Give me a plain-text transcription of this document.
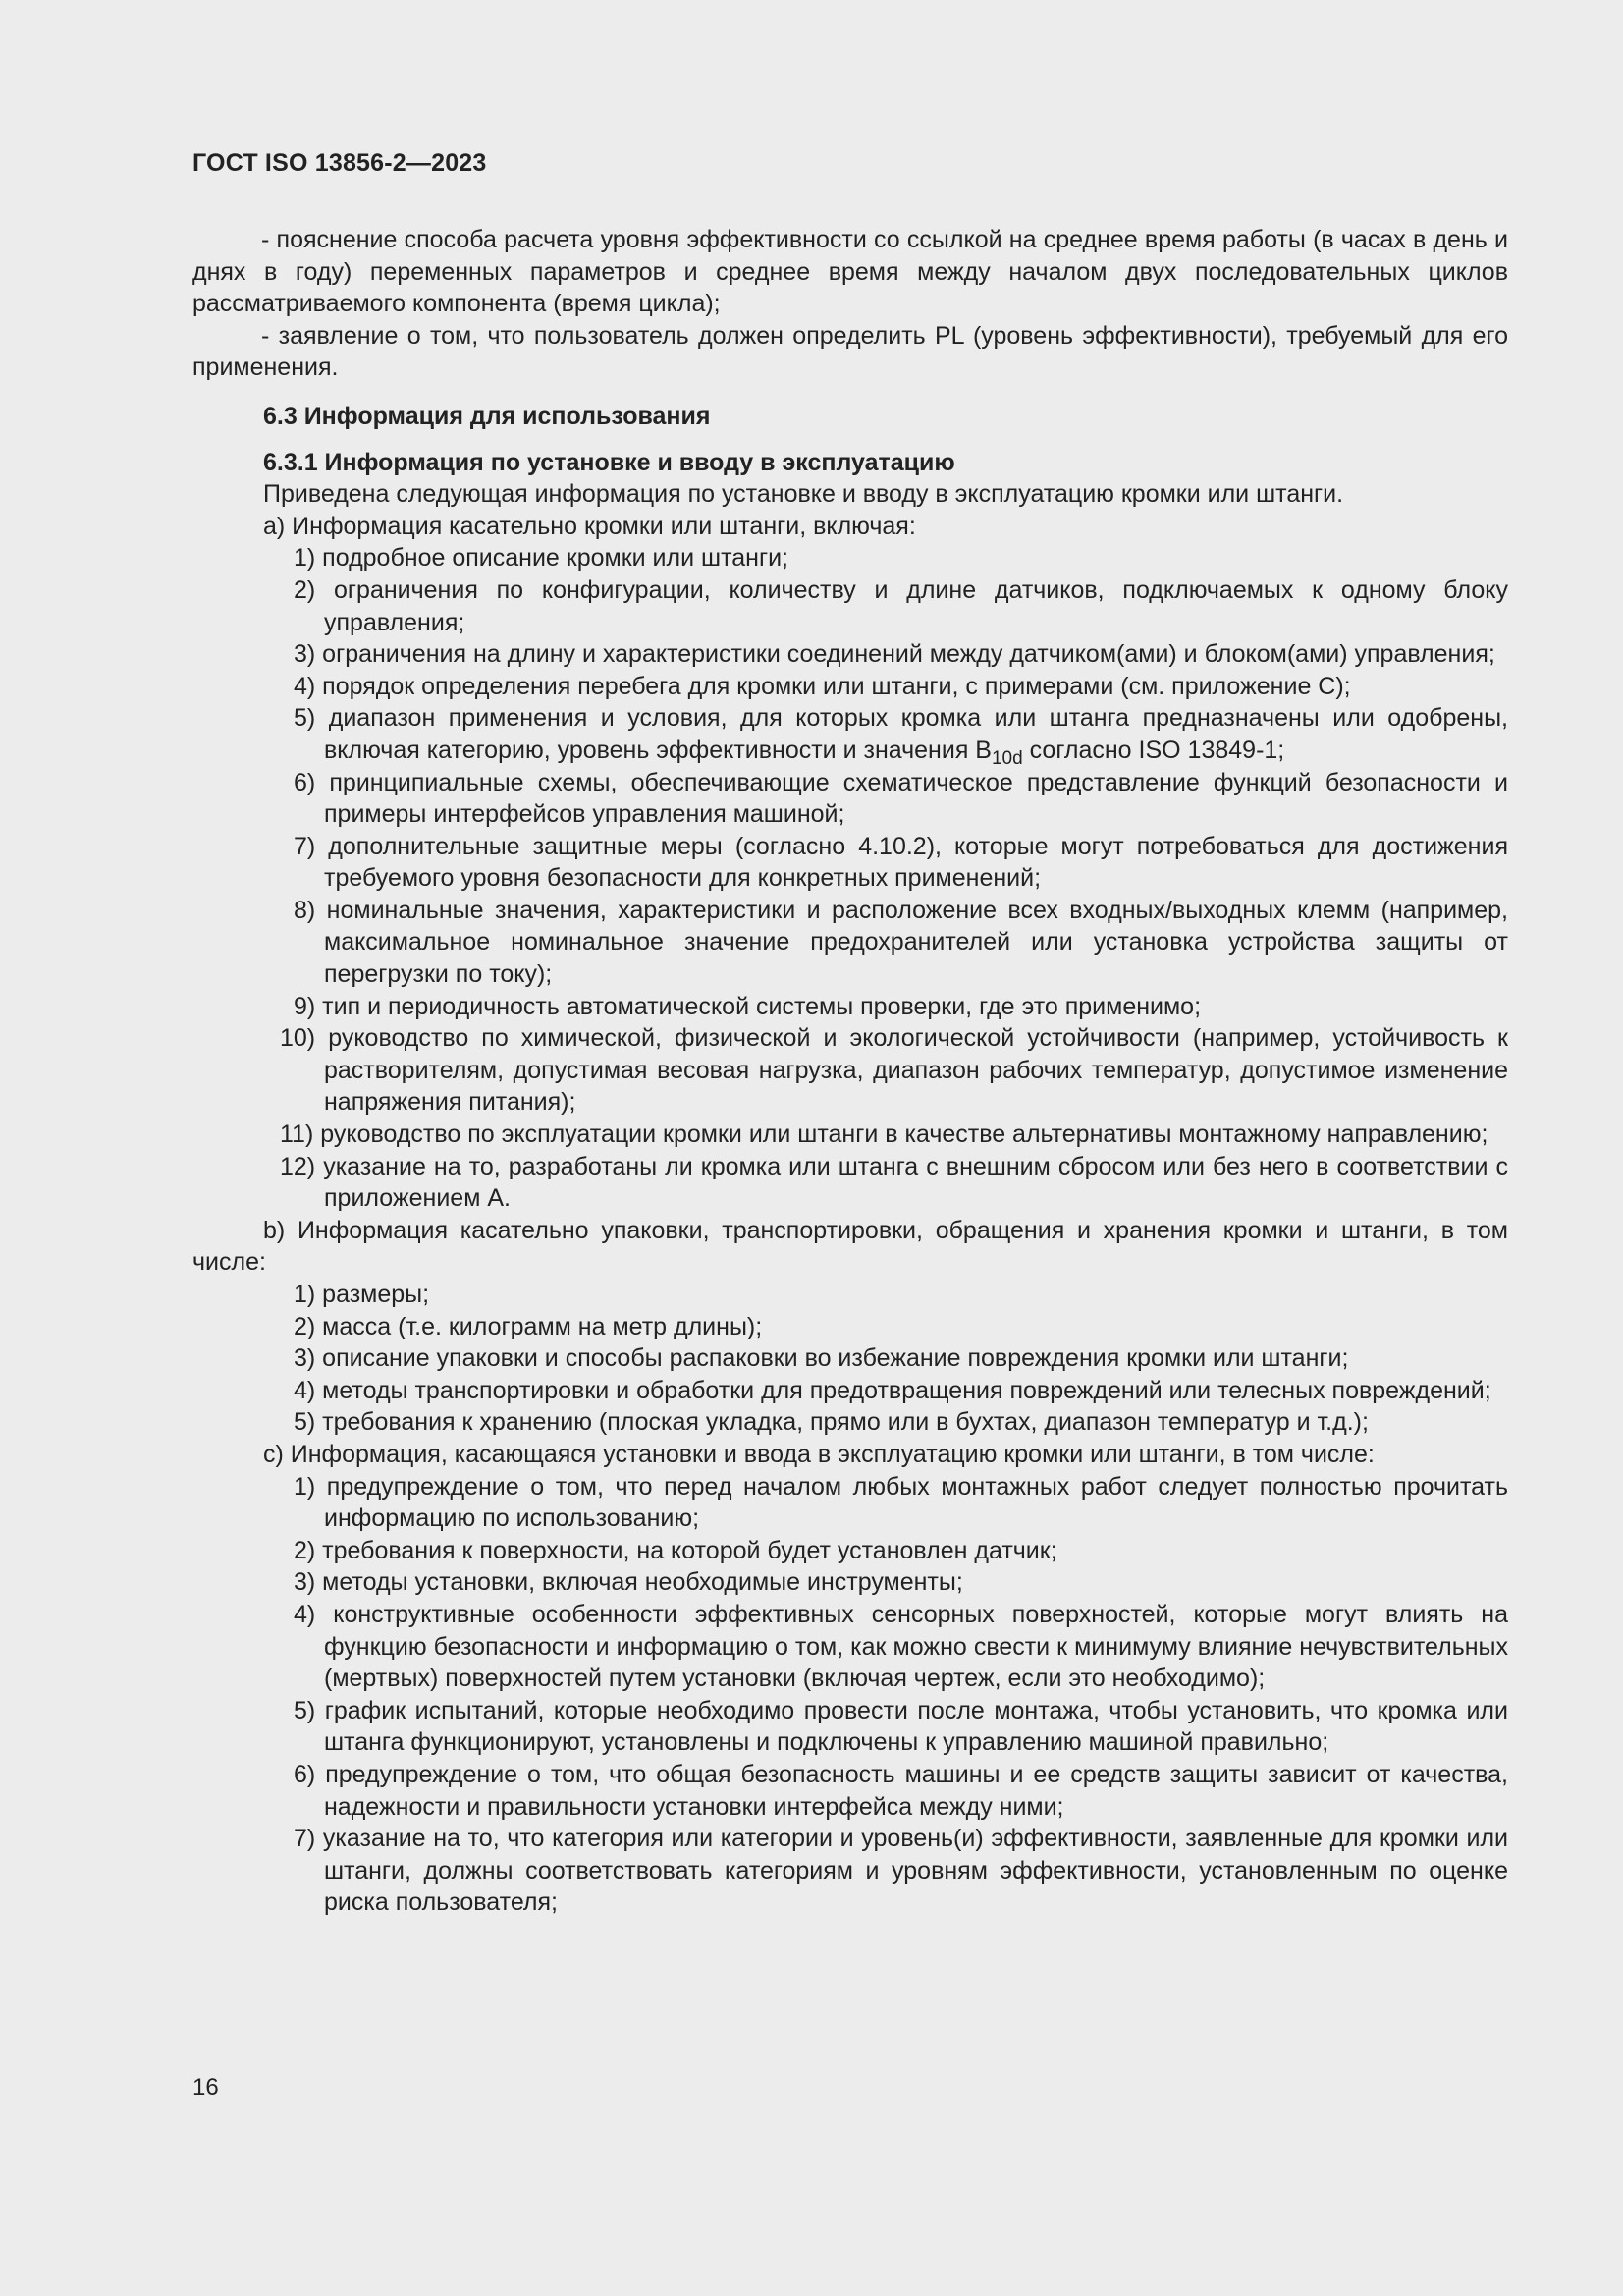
ГОСТ ISO 13856-2—2023

- пояснение способа расчета уровня эффективности со ссылкой на среднее время работы (в часах в день и днях в году) переменных параметров и среднее время между началом двух последовательных циклов рассматриваемого компонента (время цикла);

- заявление о том, что пользователь должен определить PL (уровень эффективности), требуемый для его применения.

6.3 Информация для использования

6.3.1 Информация по установке и вводу в эксплуатацию

Приведена следующая информация по установке и вводу в эксплуатацию кромки или штанги.

a) Информация касательно кромки или штанги, включая:

1) подробное описание кромки или штанги;
2) ограничения по конфигурации, количеству и длине датчиков, подключаемых к одному блоку управления;
3) ограничения на длину и характеристики соединений между датчиком(ами) и блоком(ами) управления;
4) порядок определения перебега для кромки или штанги, с примерами (см. приложение С);
5) диапазон применения и условия, для которых кромка или штанга предназначены или одобрены, включая категорию, уровень эффективности и значения $B_{10d}$ согласно ISO 13849-1;
6) принципиальные схемы, обеспечивающие схематическое представление функций безопасности и примеры интерфейсов управления машиной;
7) дополнительные защитные меры (согласно 4.10.2), которые могут потребоваться для достижения требуемого уровня безопасности для конкретных применений;
8) номинальные значения, характеристики и расположение всех входных/выходных клемм (например, максимальное номинальное значение предохранителей или установка устройства защиты от перегрузки по току);
9) тип и периодичность автоматической системы проверки, где это применимо;
10) руководство по химической, физической и экологической устойчивости (например, устойчивость к растворителям, допустимая весовая нагрузка, диапазон рабочих температур, допустимое изменение напряжения питания);
11) руководство по эксплуатации кромки или штанги в качестве альтернативы монтажному направлению;
12) указание на то, разработаны ли кромка или штанга с внешним сбросом или без него в соответствии с приложением А.

b) Информация касательно упаковки, транспортировки, обращения и хранения кромки и штанги, в том числе:

1) размеры;
2) масса (т.е. килограмм на метр длины);
3) описание упаковки и способы распаковки во избежание повреждения кромки или штанги;
4) методы транспортировки и обработки для предотвращения повреждений или телесных повреждений;
5) требования к хранению (плоская укладка, прямо или в бухтах, диапазон температур и т.д.);

c) Информация, касающаяся установки и ввода в эксплуатацию кромки или штанги, в том числе:

1) предупреждение о том, что перед началом любых монтажных работ следует полностью прочитать информацию по использованию;
2) требования к поверхности, на которой будет установлен датчик;
3) методы установки, включая необходимые инструменты;
4) конструктивные особенности эффективных сенсорных поверхностей, которые могут влиять на функцию безопасности и информацию о том, как можно свести к минимуму влияние нечувствительных (мертвых) поверхностей путем установки (включая чертеж, если это необходимо);
5) график испытаний, которые необходимо провести после монтажа, чтобы установить, что кромка или штанга функционируют, установлены и подключены к управлению машиной правильно;
6) предупреждение о том, что общая безопасность машины и ее средств защиты зависит от качества, надежности и правильности установки интерфейса между ними;
7) указание на то, что категория или категории и уровень(и) эффективности, заявленные для кромки или штанги, должны соответствовать категориям и уровням эффективности, установленным по оценке риска пользователя;
16
